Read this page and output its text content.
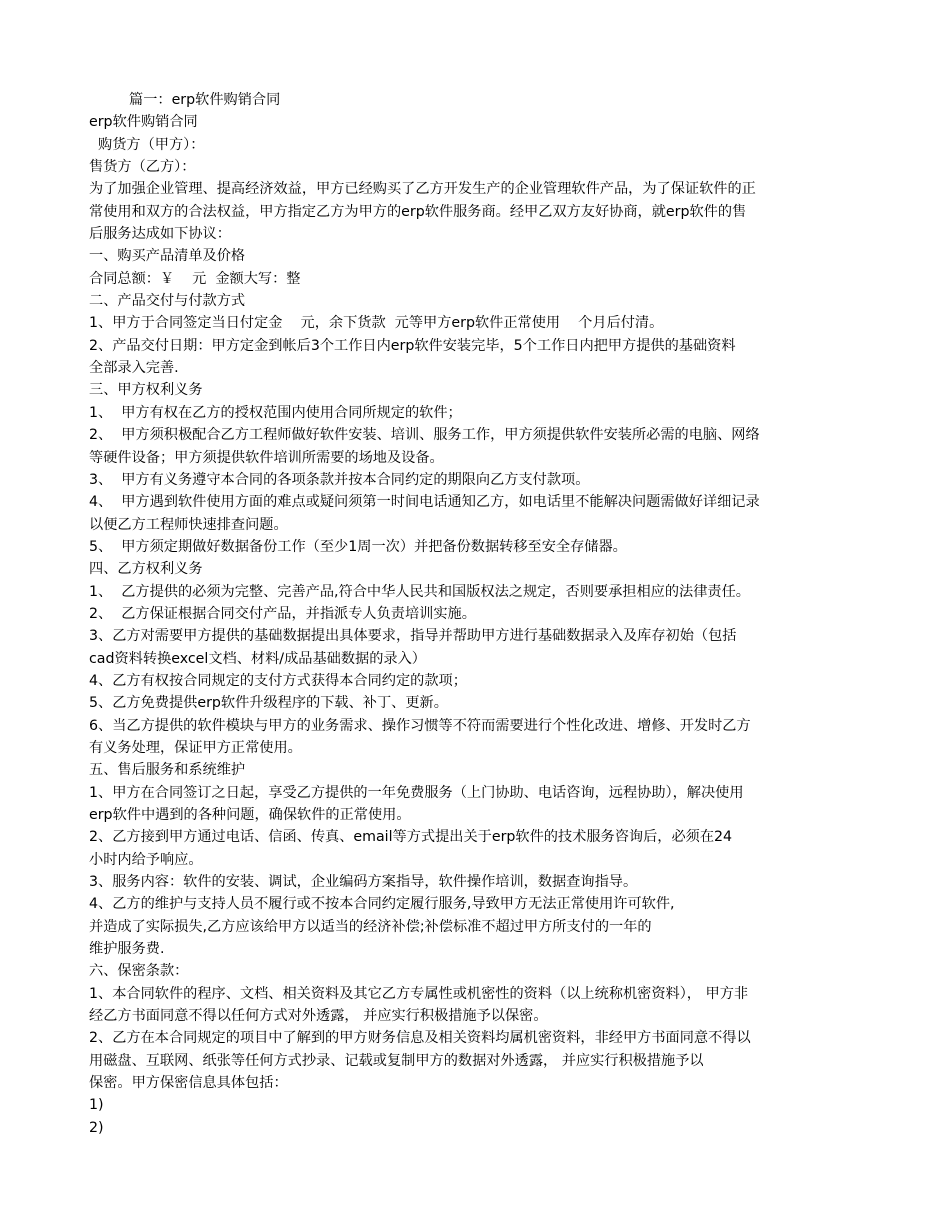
篇一：erp软件购销合同
erp软件购销合同
购货方（甲方）：
售货方（乙方）：
为了加强企业管理、提高经济效益，甲方已经购买了乙方开发生产的企业管理软件产品，为了保证软件的正
常使用和双方的合法权益，甲方指定乙方为甲方的erp软件服务商。经甲乙双方友好协商，就erp软件的售
后服务达成如下协议：
一、购买产品清单及价格
合同总额：￥    元  金额大写：整
二、产品交付与付款方式
1、甲方于合同签定当日付定金    元，余下货款  元等甲方erp软件正常使用    个月后付清。
2、产品交付日期：甲方定金到帐后3个工作日内erp软件安装完毕，5个工作日内把甲方提供的基础资料
全部录入完善.
三、甲方权利义务
1、  甲方有权在乙方的授权范围内使用合同所规定的软件；
2、  甲方须积极配合乙方工程师做好软件安装、培训、服务工作，甲方须提供软件安装所必需的电脑、网络
等硬件设备；甲方须提供软件培训所需要的场地及设备。
3、  甲方有义务遵守本合同的各项条款并按本合同约定的期限向乙方支付款项。
4、  甲方遇到软件使用方面的难点或疑问须第一时间电话通知乙方，如电话里不能解决问题需做好详细记录
以便乙方工程师快速排查问题。
5、  甲方须定期做好数据备份工作（至少1周一次）并把备份数据转移至安全存储器。
四、乙方权利义务
1、  乙方提供的必须为完整、完善产品,符合中华人民共和国版权法之规定，否则要承担相应的法律责任。
2、  乙方保证根据合同交付产品，并指派专人负责培训实施。
3、乙方对需要甲方提供的基础数据提出具体要求，指导并帮助甲方进行基础数据录入及库存初始（包括
cad资料转换excel文档、材料/成品基础数据的录入）
4、乙方有权按合同规定的支付方式获得本合同约定的款项；
5、乙方免费提供erp软件升级程序的下载、补丁、更新。
6、当乙方提供的软件模块与甲方的业务需求、操作习惯等不符而需要进行个性化改进、增修、开发时乙方
有义务处理，保证甲方正常使用。
五、售后服务和系统维护
1、甲方在合同签订之日起，享受乙方提供的一年免费服务（上门协助、电话咨询，远程协助），解决使用
erp软件中遇到的各种问题，确保软件的正常使用。
2、乙方接到甲方通过电话、信函、传真、email等方式提出关于erp软件的技术服务咨询后，必须在24
小时内给予响应。
3、服务内容：软件的安装、调试，企业编码方案指导，软件操作培训，数据查询指导。
4、乙方的维护与支持人员不履行或不按本合同约定履行服务,导致甲方无法正常使用许可软件,
并造成了实际损失,乙方应该给甲方以适当的经济补偿;补偿标准不超过甲方所支付的一年的
维护服务费.
六、保密条款：
1、本合同软件的程序、文档、相关资料及其它乙方专属性或机密性的资料（以上统称机密资料）， 甲方非
经乙方书面同意不得以任何方式对外透露， 并应实行积极措施予以保密。
2、乙方在本合同规定的项目中了解到的甲方财务信息及相关资料均属机密资料，非经甲方书面同意不得以
用磁盘、互联网、纸张等任何方式抄录、记载或复制甲方的数据对外透露， 并应实行积极措施予以
保密。甲方保密信息具体包括：
1)
2)
